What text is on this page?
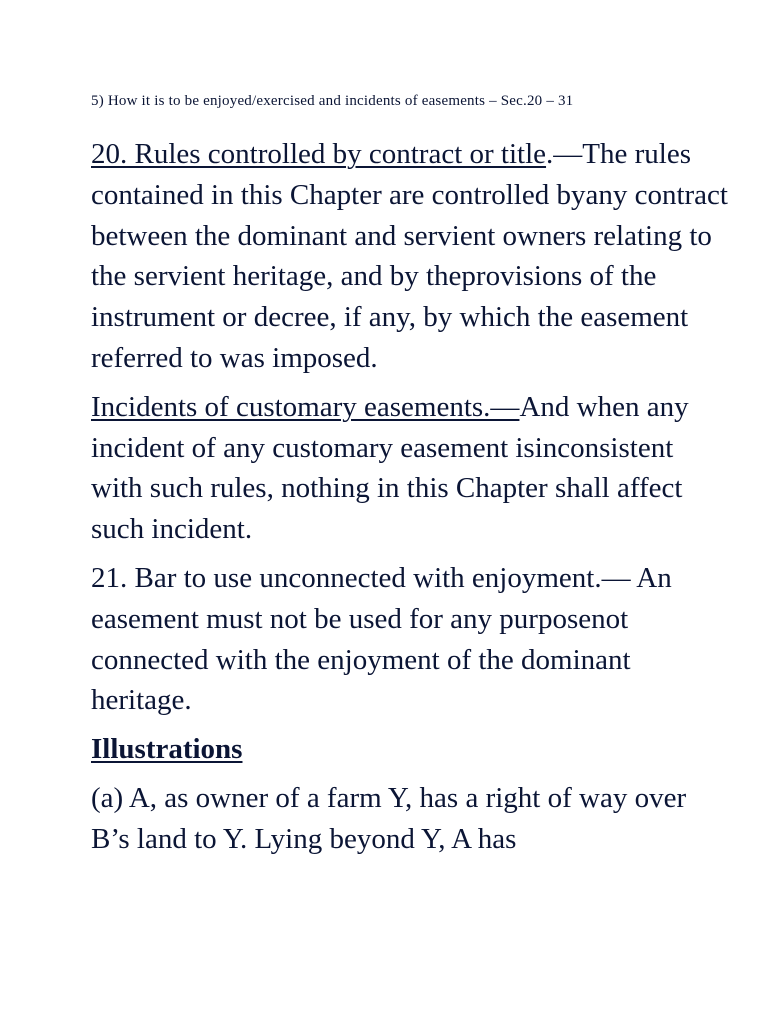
5) How it is to be enjoyed/exercised and incidents of easements – Sec.20 – 31

20. Rules controlled by contract or title.—The rules contained in this Chapter are controlled byany contract between the dominant and servient owners relating to the servient heritage, and by theprovisions of the instrument or decree, if any, by which the easement referred to was imposed.

Incidents of customary easements.—And when any incident of any customary easement isinconsistent with such rules, nothing in this Chapter shall affect such incident.

21. Bar to use unconnected with enjoyment.— An easement must not be used for any purposenot connected with the enjoyment of the dominant heritage.

Illustrations

(a) A, as owner of a farm Y, has a right of way over B’s land to Y. Lying beyond Y, A has
